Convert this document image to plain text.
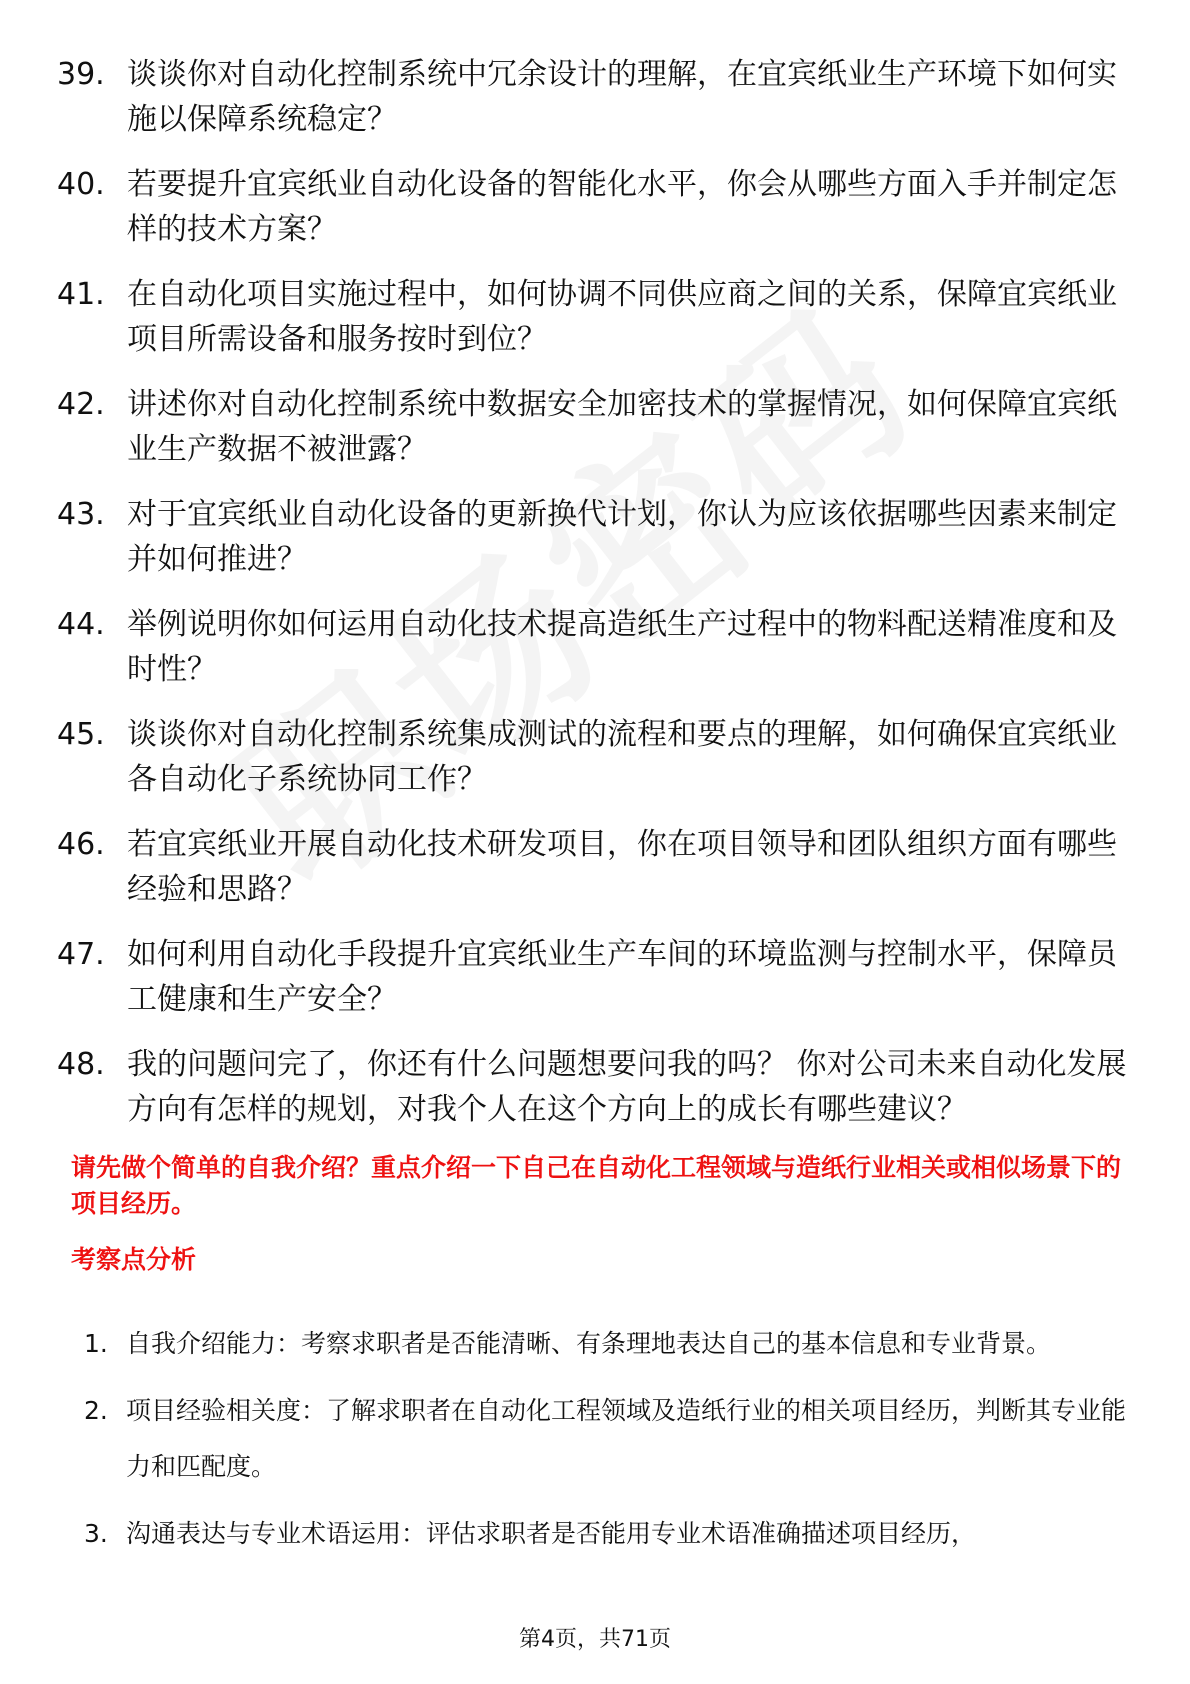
39. 谈谈你对自动化控制系统中冗余设计的理解，在宜宾纸业生产环境下如何实施以保障系统稳定？
40. 若要提升宜宾纸业自动化设备的智能化水平，你会从哪些方面入手并制定怎样的技术方案？
41. 在自动化项目实施过程中，如何协调不同供应商之间的关系，保障宜宾纸业项目所需设备和服务按时到位？
42. 讲述你对自动化控制系统中数据安全加密技术的掌握情况，如何保障宜宾纸业生产数据不被泄露？
43. 对于宜宾纸业自动化设备的更新换代计划，你认为应该依据哪些因素来制定并如何推进？
44. 举例说明你如何运用自动化技术提高造纸生产过程中的物料配送精准度和及时性？
45. 谈谈你对自动化控制系统集成测试的流程和要点的理解，如何确保宜宾纸业各自动化子系统协同工作？
46. 若宜宾纸业开展自动化技术研发项目，你在项目领导和团队组织方面有哪些经验和思路？
47. 如何利用自动化手段提升宜宾纸业生产车间的环境监测与控制水平，保障员工健康和生产安全？
48. 我的问题问完了，你还有什么问题想要问我的吗？ 你对公司未来自动化发展方向有怎样的规划，对我个人在这个方向上的成长有哪些建议？
请先做个简单的自我介绍？重点介绍一下自己在自动化工程领域与造纸行业相关或相似场景下的项目经历。
考察点分析
1. 自我介绍能力：考察求职者是否能清晰、有条理地表达自己的基本信息和专业背景。
2. 项目经验相关度：了解求职者在自动化工程领域及造纸行业的相关项目经历，判断其专业能力和匹配度。
3. 沟通表达与专业术语运用：评估求职者是否能用专业术语准确描述项目经历，
第4页，共71页
